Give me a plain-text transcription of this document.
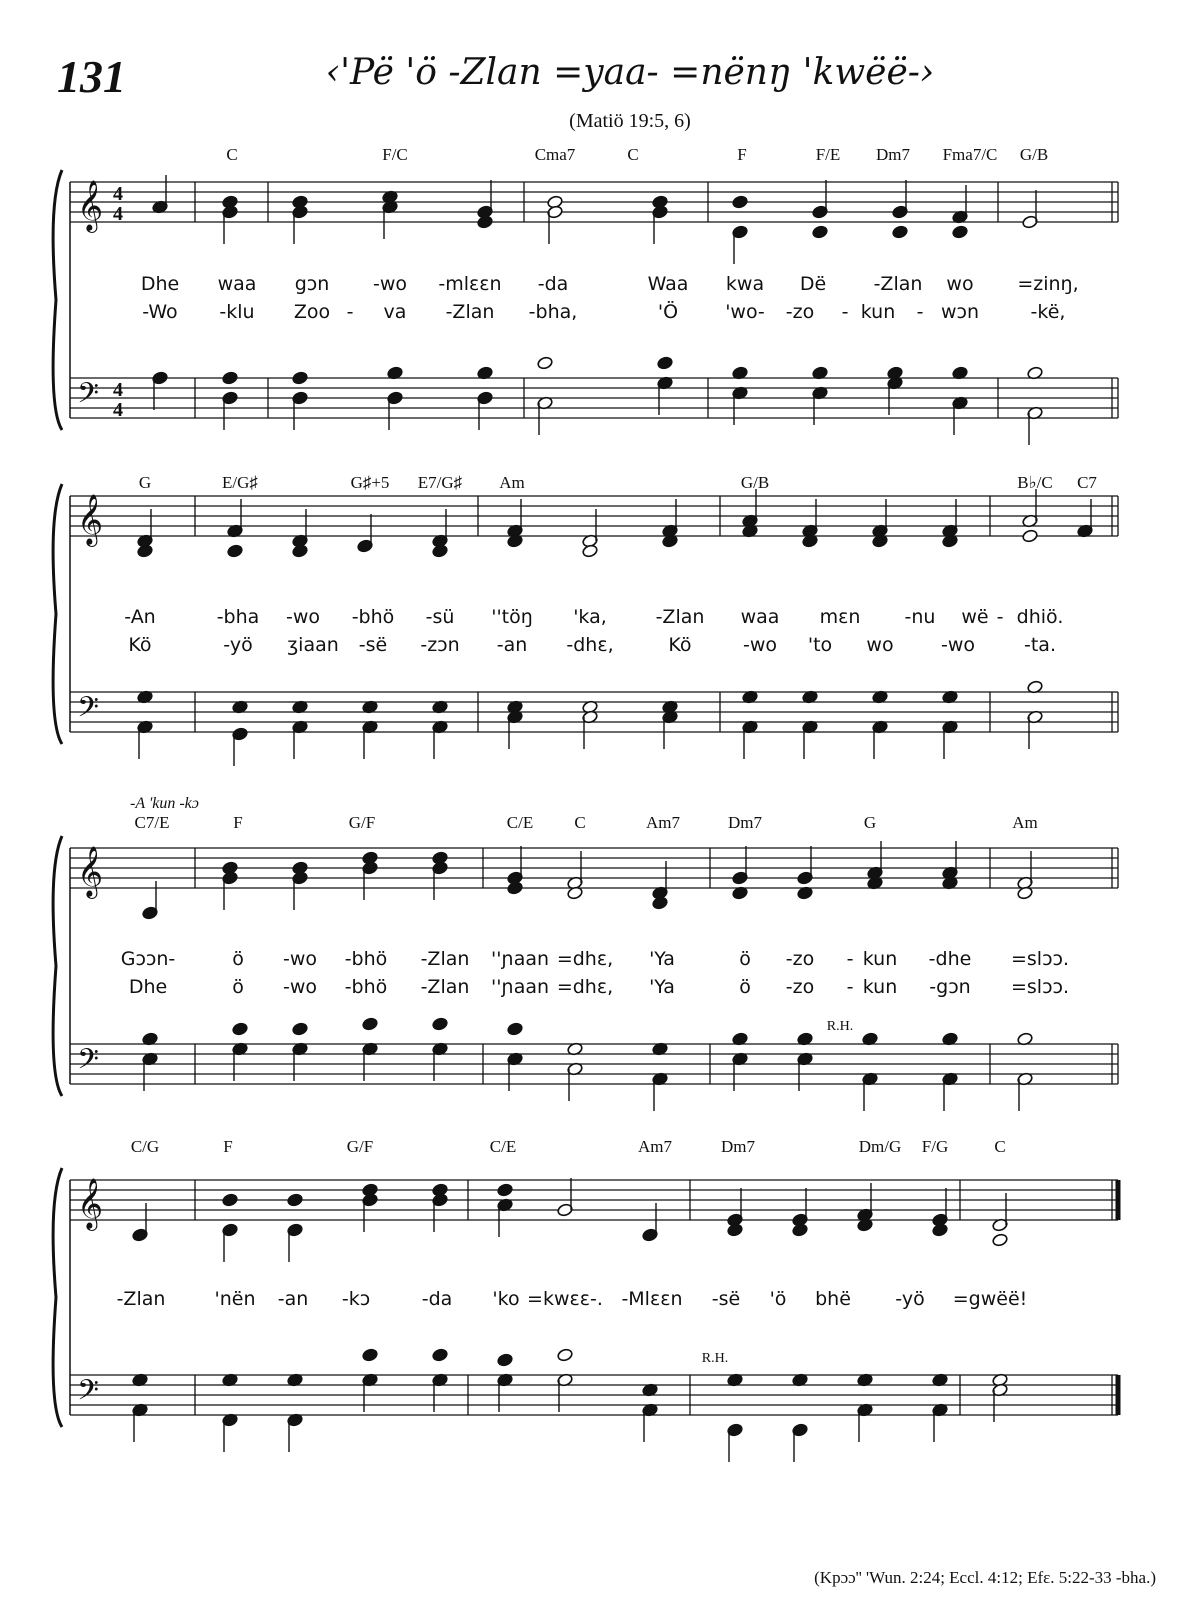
131	‹'Pë 'ö -Zlan =yaa- =nënŋ 'kwëë-›
(Matiö 19:5, 6)
𝄞
𝄢
4
4
4
4
C	F/C	Cma7	C	F	F/E Dm7 Fma7/C G/B
Dhe waa gɔn -wo -mlɛɛn -da	Waa kwa Dë -Zlan wo =zinŋ,
-Wo -klu Zoo - va -Zlan -bha,	'Ö 'wo- -zo - kun - wɔn	-kë,
𝄞
𝄢
G	E/G♯	G♯+5 E7/G♯ Am	G/B	B♭/C C7
-An	-bha -wo -bhö -sü ''töŋ 'ka,	-Zlan waa mɛn -nu wë - dhiö.
Kö	-yö ʒiaan -së -zɔn -an -dhɛ,	Kö	-wo 'to wo -wo	-ta.
𝄞
𝄢
C7/E	F	G/F	C/E C	Am7	Dm7	G	Am
Gɔɔn-	ö -wo -bhö -Zlan ''ɲaan =dhɛ, 'Ya	ö -zo - kun -dhe =slɔɔ.
Dhe	ö -wo -bhö -Zlan ''ɲaan =dhɛ, 'Ya	ö -zo - kun -gɔn =slɔɔ.
-A 'kun -kɔ
R.H.
𝄞
𝄢
C/G	F	G/F	C/E	Am7	Dm7	Dm/G F/G	C
-Zlan	'nën -an -kɔ	-da 'ko =kwɛɛ-. -Mlɛɛn -së 'ö bhë -yö =gwëë!
R.H.
(Kpɔɔ'' 'Wun. 2:24; Eccl. 4:12; Efɛ. 5:22-33 -bha.)
